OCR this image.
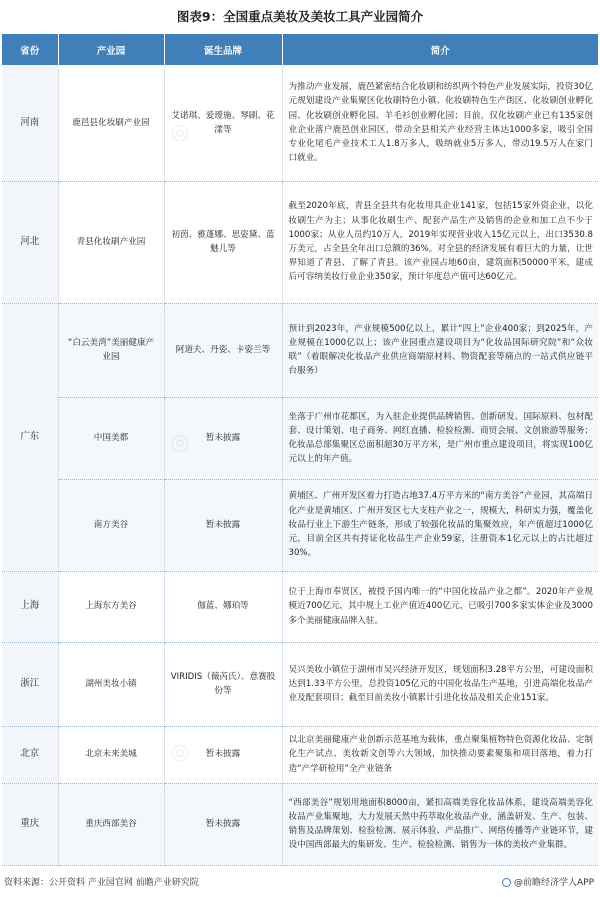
图表9：全国重点美妆及美妆工具产业园简介
省份	产业园	诞生品牌	简介
河南	鹿邑县化妆刷产业园	艾诺琪、爱瑷施、琴刷、花漾等	为推动产业发展，鹿邑紧密结合化妆刷和纺织两个特色产业发展实际，投资30亿元规划建设产业集聚区化妆刷特色小镇、化妆刷特色生产街区、化妆刷创业孵化园、化妆刷创业孵化园、羊毛衫创业孵化园；目前，仅化妆刷产业已有135家创业企业落户鹿邑创业园区，带动全县相关产业经营主体达1000多家，吸引全国专业化尾毛产业技术工人1.8万多人，吸纳就业5万多人，带动19.5万人在家门口就业。
河北	青县化妆刷产业园	初茵、雅蓬娜、思姿黛、蓝魅儿等	截至2020年底，青县全县共有化妆用具企业141家，包括15家外资企业，以化妆刷生产为主；从事化妆刷生产、配套产品生产及销售的企业和加工点不少于1000家；从业人员约10万人，2019年实现营业收入15亿元以上，出口3530.8万美元，占全县全年出口总额的36%。对全县的经济发展有着巨大的力量，让世界知道了青县、了解了青县。该产业园占地60亩，建筑面积50000平米，建成后可容纳美妆行业企业350家，预计年度总产值可达60亿元。
广东	“白云美湾”美丽健康产业园	阿道夫、丹姿、卡姿兰等	预计到2023年，产业规模500亿以上，累计“四上”企业400家；到2025年，产业规模在1000亿以上；该产业园重点建设项目为“化妆品国际研究院”和“众妆联”（着眼解决化妆品产业供应商端原材料、物资配套等痛点的一站式供应链平台服务）
	中国美都	暂未披露	坐落于广州市花都区，为入驻企业提供品牌销售、创新研发、国际原料、包材配套、设计策划、电子商务、网红直播、检验检测、商贸会展、文创旅游等服务；化妆品总部集聚区总面积超30万平方米，是广州市重点建设项目，将实现100亿元以上的年产值。
	南方美谷	暂未披露	黄埔区、广州开发区着力打造占地37.4万平方米的“南方美谷”产业园，其高端日化产业是黄埔区、广州开发区七大支柱产业之一，规模大，科研实力强，覆盖化妆品行业上下游生产链条，形成了较强化妆品的集聚效应，年产值超过1000亿元，目前全区共有持证化妆品生产企业59家，注册资本1亿元以上的占比超过30%。
上海	上海东方美谷	伽蓝、娜珀等	位于上海市奉贤区，被授予国内唯一的“中国化妆品产业之都”。2020年产业规模近700亿元，其中规上工业产值近400亿元，已吸引700多家实体企业及3000多个美丽健康品牌入驻。
浙江	湖州美妆小镇	VIRIDIS（薇芮氏）、意赛股份等	吴兴美妆小镇位于湖州市吴兴经济开发区，规划面积3.28平方公里，可建设面积达到1.33平方公里，总投资105亿元的中国化妆品生产基地，引进高端化妆品产业及配套项目；截至目前美妆小镇累计引进化妆品及相关企业151家。
北京	北京未来美城	暂未披露	以北京美丽健康产业创新示范基地为载体，重点聚集植物特色资源化妆品、定制化生产试点、美妆新文创等六大领域，加快推动要素聚集和项目落地，着力打造“产学研检用”全产业链条
重庆	重庆西部美谷	暂未披露	“西部美谷”规划用地面积8000亩，紧扣高端美容化妆品体系，建设高端美容化妆品产业集聚地，大力发展天然中药萃取化妆品产业，涵盖研发、生产、包装、销售及品牌策划、检验检测、展示体验、产品推广、网络传播等产业链环节，建设中国西部最大的集研发、生产、检验检测、销售为一体的美妆产业集群。
◎
◎
资料来源：公开资料 产业园官网 前瞻产业研究院	@前瞻经济学人APP
